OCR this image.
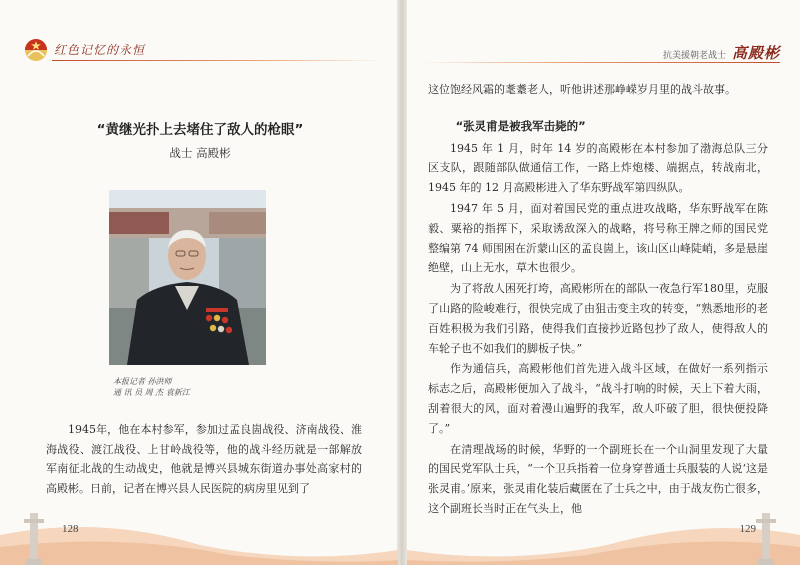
红色记忆的永恒	抗美援朝老战士 高殿彬
“黄继光扑上去堵住了敌人的枪眼”
战士 高殿彬
本报记者 孙洪师
通 讯 员 周 杰 袁新江

1945年，他在本村参军，参加过孟良崮战役、济南战役、淮海战役、渡江战役、上甘岭战役等，他的战斗经历就是一部解放军南征北战的生动战史，他就是博兴县城东街道办事处高家村的高殿彬。日前，记者在博兴县人民医院的病房里见到了

这位饱经风霜的耄耋老人，听他讲述那峥嵘岁月里的战斗故事。

“张灵甫是被我军击毙的”

1945 年 1 月，时年 14 岁的高殿彬在本村参加了渤海总队三分区支队，跟随部队做通信工作，一路上炸炮楼、端据点，转战南北，1945 年的 12 月高殿彬进入了华东野战军第四纵队。

1947 年 5 月，面对着国民党的重点进攻战略，华东野战军在陈毅、粟裕的指挥下，采取诱敌深入的战略，将号称王牌之师的国民党整编第 74 师围困在沂蒙山区的孟良崮上，该山区山峰陡峭，多是悬崖绝壁，山上无水，草木也很少。

为了将敌人困死打垮，高殿彬所在的部队一夜急行军180里，克服了山路的险峻难行，很快完成了由狙击变主攻的转变，“熟悉地形的老百姓积极为我们引路，使得我们直接抄近路包抄了敌人，使得敌人的车轮子也不如我们的脚板子快。”

作为通信兵，高殿彬他们首先进入战斗区域，在做好一系列指示标志之后，高殿彬便加入了战斗，“战斗打响的时候，天上下着大雨，刮着很大的风，面对着漫山遍野的我军，敌人吓破了胆，很快便投降了。”

在清理战场的时候，华野的一个副班长在一个山洞里发现了大量的国民党军队士兵，“一个卫兵指着一位身穿普通士兵服装的人说‘这是张灵甫。’原来，张灵甫化装后藏匿在了士兵之中，由于战友伤亡很多，这个副班长当时正在气头上，他

128	129
